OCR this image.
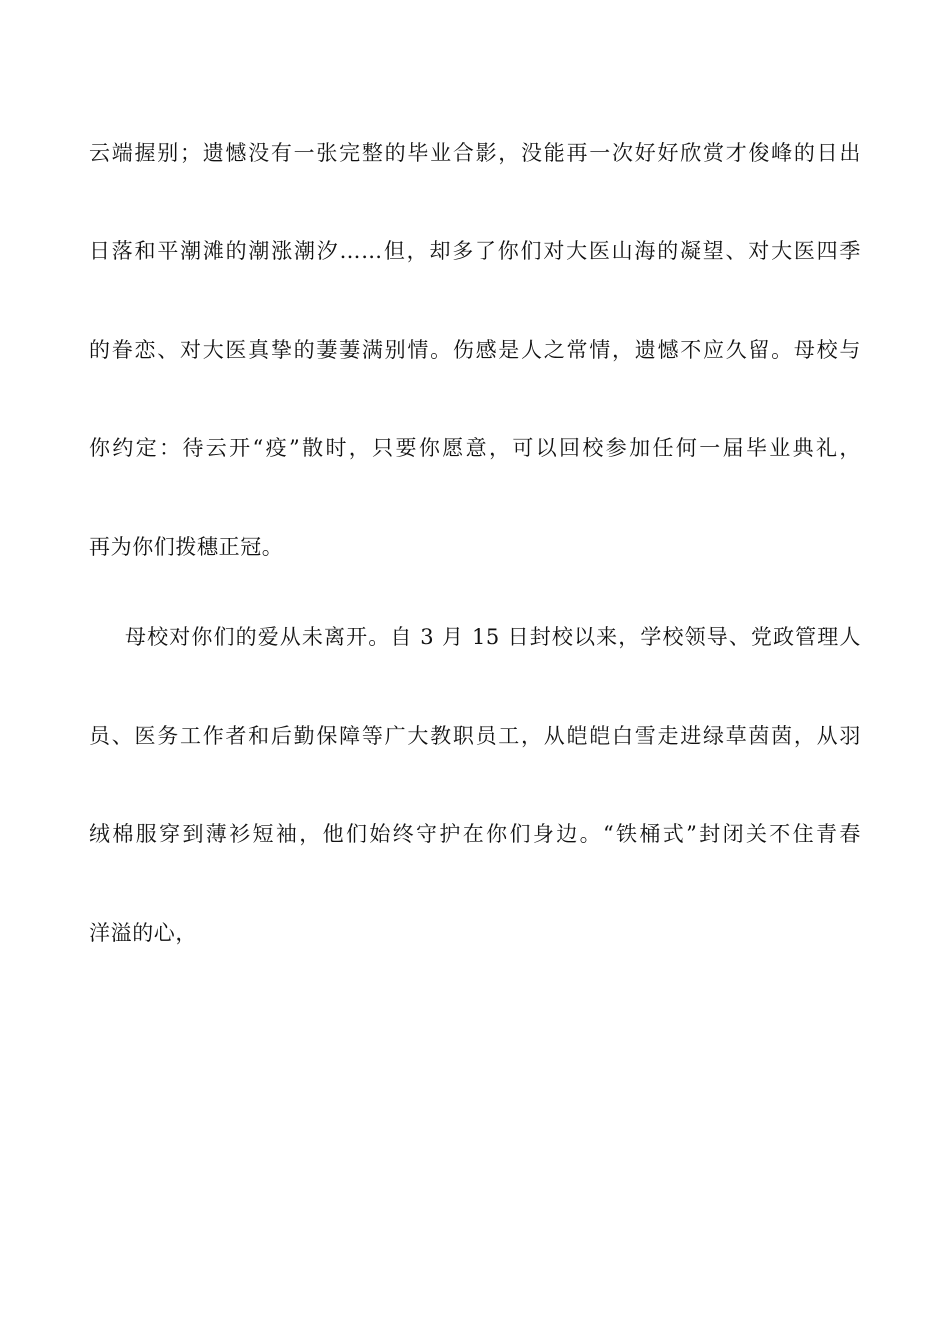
云端握别；遗憾没有一张完整的毕业合影，没能再一次好好欣赏才俊峰的日出
日落和平潮滩的潮涨潮汐……但，却多了你们对大医山海的凝望、对大医四季
的眷恋、对大医真挚的萋萋满别情。伤感是人之常情，遗憾不应久留。母校与
你约定：待云开“疫”散时，只要你愿意，可以回校参加任何一届毕业典礼，
再为你们拨穗正冠。
母校对你们的爱从未离开。自 3 月 15 日封校以来，学校领导、党政管理人
员、医务工作者和后勤保障等广大教职员工，从皑皑白雪走进绿草茵茵，从羽
绒棉服穿到薄衫短袖，他们始终守护在你们身边。“铁桶式”封闭关不住青春
洋溢的心，
